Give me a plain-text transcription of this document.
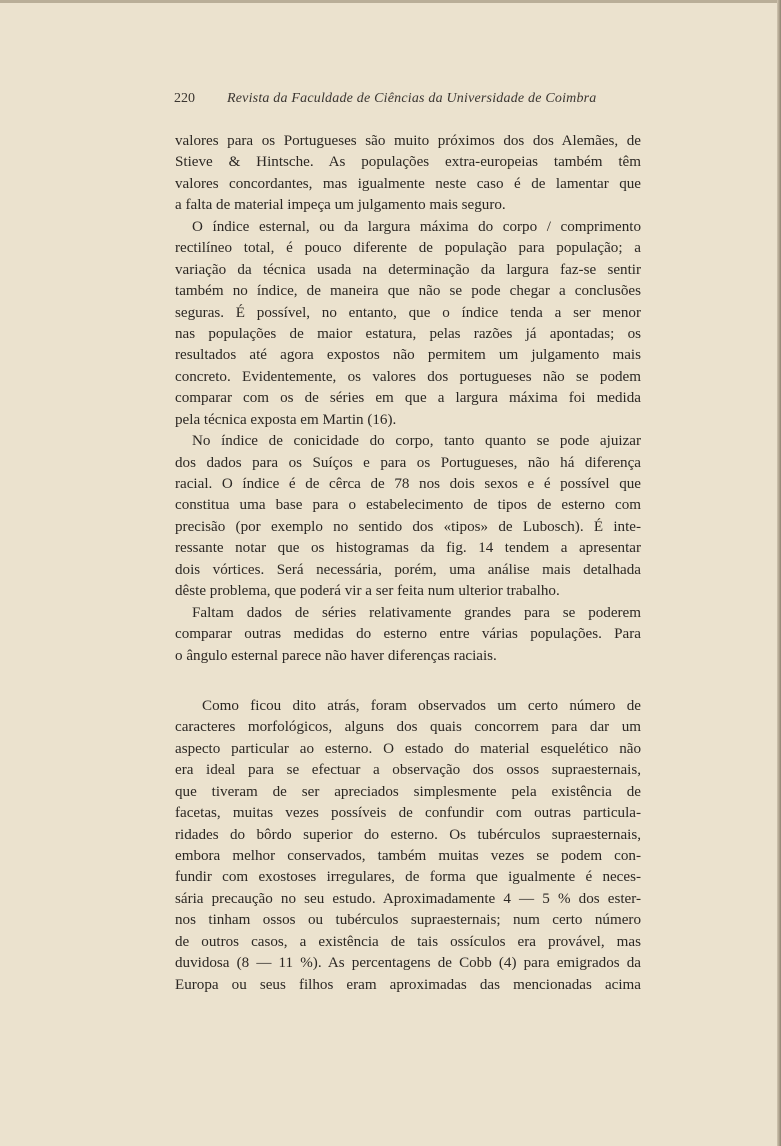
220 Revista da Faculdade de Ciências da Universidade de Coimbra
valores para os Portugueses são muito próximos dos dos Alemães, de
Stieve & Hintsche. As populações extra-europeias também têm
valores concordantes, mas igualmente neste caso é de lamentar que
a falta de material impeça um julgamento mais seguro.
O índice esternal, ou da largura máxima do corpo / comprimento
rectilíneo total, é pouco diferente de população para população; a
variação da técnica usada na determinação da largura faz-se sentir
também no índice, de maneira que não se pode chegar a conclusões
seguras. É possível, no entanto, que o índice tenda a ser menor
nas populações de maior estatura, pelas razões já apontadas; os
resultados até agora expostos não permitem um julgamento mais
concreto. Evidentemente, os valores dos portugueses não se podem
comparar com os de séries em que a largura máxima foi medida
pela técnica exposta em Martin (16).
No índice de conicidade do corpo, tanto quanto se pode ajuizar
dos dados para os Suíços e para os Portugueses, não há diferença
racial. O índice é de cêrca de 78 nos dois sexos e é possível que
constitua uma base para o estabelecimento de tipos de esterno com
precisão (por exemplo no sentido dos «tipos» de Lubosch). É inte-
ressante notar que os histogramas da fig. 14 tendem a apresentar
dois vórtices. Será necessária, porém, uma análise mais detalhada
dêste problema, que poderá vir a ser feita num ulterior trabalho.
Faltam dados de séries relativamente grandes para se poderem
comparar outras medidas do esterno entre várias populações. Para
o ângulo esternal parece não haver diferenças raciais.
Como ficou dito atrás, foram observados um certo número de
caracteres morfológicos, alguns dos quais concorrem para dar um
aspecto particular ao esterno. O estado do material esquelético não
era ideal para se efectuar a observação dos ossos supraesternais,
que tiveram de ser apreciados simplesmente pela existência de
facetas, muitas vezes possíveis de confundir com outras particula-
ridades do bôrdo superior do esterno. Os tubérculos supraesternais,
embora melhor conservados, também muitas vezes se podem con-
fundir com exostoses irregulares, de forma que igualmente é neces-
sária precaução no seu estudo. Aproximadamente 4 — 5 % dos ester-
nos tinham ossos ou tubérculos supraesternais; num certo número
de outros casos, a existência de tais ossículos era provável, mas
duvidosa (8 — 11 %). As percentagens de Cobb (4) para emigrados da
Europa ou seus filhos eram aproximadas das mencionadas acima
